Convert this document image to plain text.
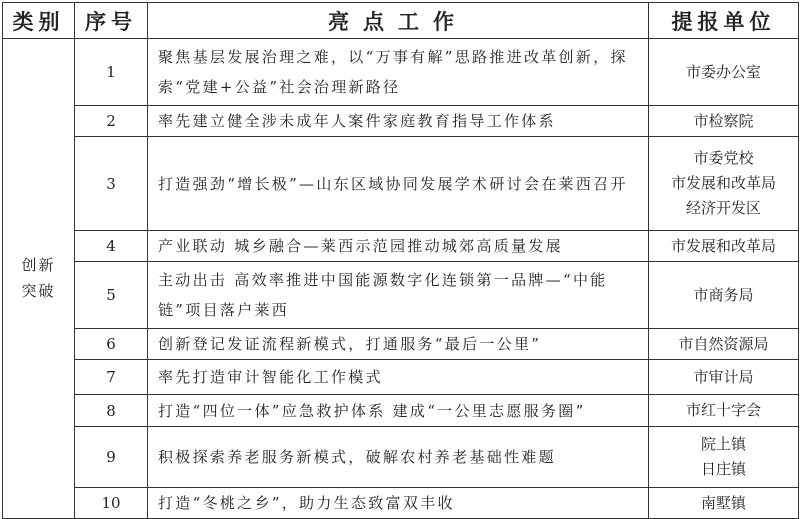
类别	序号	亮点工作	提报单位
创新突破	1	聚焦基层发展治理之难，以“万事有解”思路推进改革创新，探索“党建+公益”社会治理新路径	市委办公室

	2	率先建立健全涉未成年人案件家庭教育指导工作体系	市检察院

	3	打造强劲“增长极”—山东区域协同发展学术研讨会在莱西召开	市委党校
市发展和改革局
经济开发区

	4	产业联动 城乡融合—莱西示范园推动城郊高质量发展	市发展和改革局

	5	主动出击 高效率推进中国能源数字化连锁第一品牌—“中能链”项目落户莱西	市商务局

	6	创新登记发证流程新模式，打通服务“最后一公里”	市自然资源局

	7	率先打造审计智能化工作模式	市审计局

	8	打造“四位一体”应急救护体系 建成“一公里志愿服务圈”	市红十字会

	9	积极探索养老服务新模式，破解农村养老基础性难题	院上镇
日庄镇

	10	打造“冬桃之乡”，助力生态致富双丰收	南墅镇
